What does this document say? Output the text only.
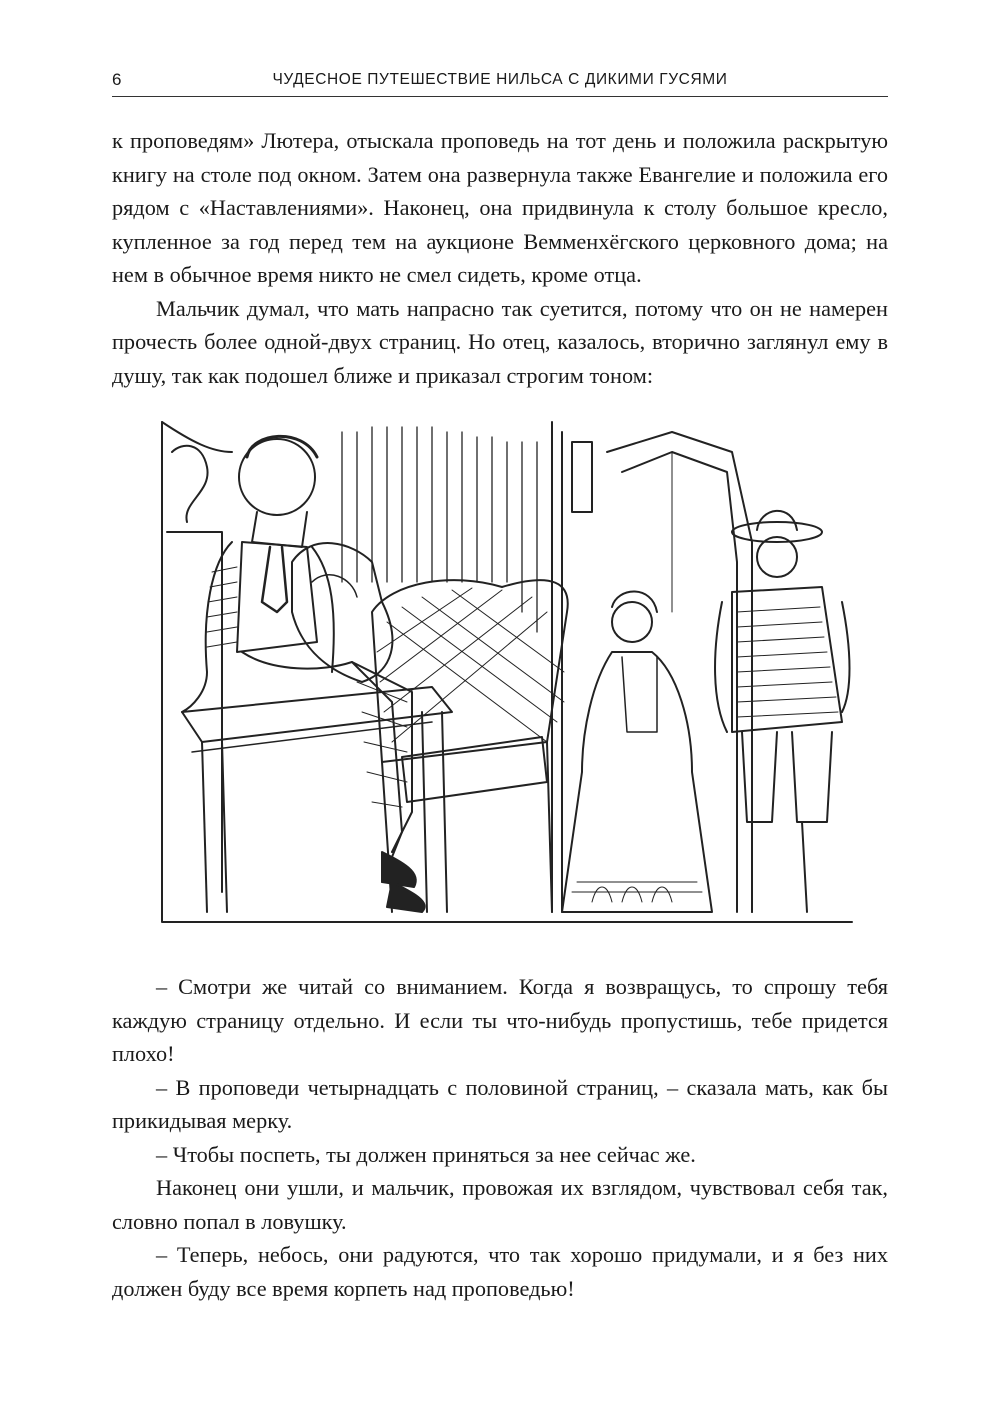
6	ЧУДЕСНОЕ ПУТЕШЕСТВИЕ НИЛЬСА С ДИКИМИ ГУСЯМИ

к проповедям» Лютера, отыскала проповедь на тот день и положила раскрытую книгу на столе под окном. Затем она развернула также Евангелие и положила его рядом с «Наставлениями». Наконец, она придвинула к столу большое кресло, купленное за год перед тем на аукционе Вемменхёгского церковного дома; на нем в обычное время никто не смел сидеть, кроме отца.

Мальчик думал, что мать напрасно так суетится, потому что он не намерен прочесть более одной-двух страниц. Но отец, казалось, вторично заглянул ему в душу, так как подошел ближе и приказал строгим тоном:

– Смотри же читай со вниманием. Когда я возвращусь, то спрошу тебя каждую страницу отдельно. И если ты что-нибудь пропустишь, тебе придется плохо!

– В проповеди четырнадцать с половиной страниц, – сказала мать, как бы прикидывая мерку.

– Чтобы поспеть, ты должен приняться за нее сейчас же.

Наконец они ушли, и мальчик, провожая их взглядом, чувствовал себя так, словно попал в ловушку.

– Теперь, небось, они радуются, что так хорошо придумали, и я без них должен буду все время корпеть над проповедью!
